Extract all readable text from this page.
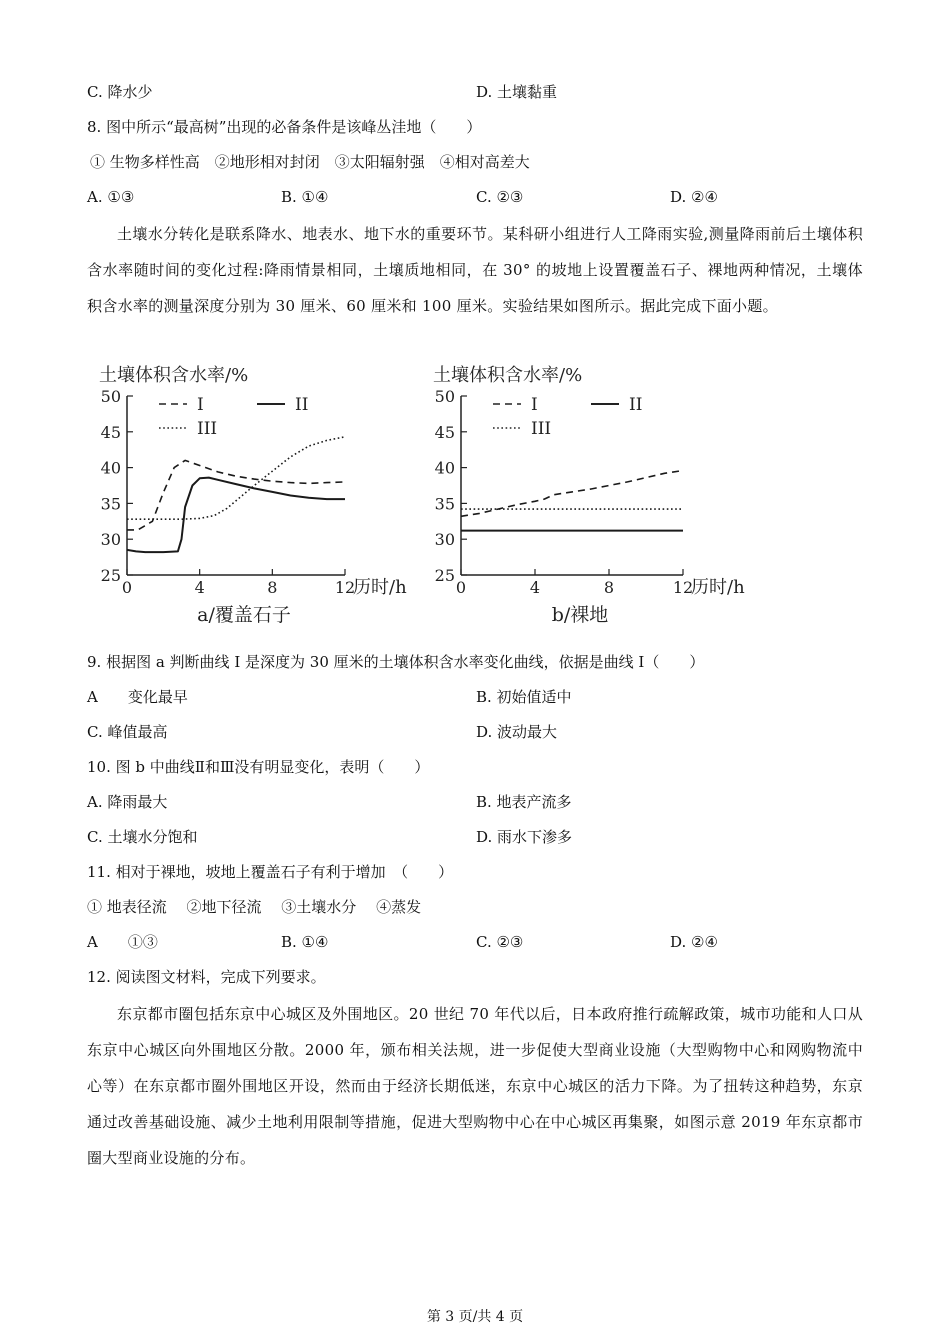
C. 降水少	D. 土壤黏重
8. 图中所示“最高树”出现的必备条件是该峰丛洼地（　　）
① 生物多样性高　②地形相对封闭　③太阳辐射强　④相对高差大
A. ①③	B. ①④	C. ②③	D. ②④
土壤水分转化是联系降水、地表水、地下水的重要环节。某科研小组进行人工降雨实验,测量降雨前后土壤体积含水率随时间的变化过程:降雨情景相同，土壤质地相同，在 30° 的坡地上设置覆盖石子、裸地两种情况，土壤体积含水率的测量深度分别为 30 厘米、60 厘米和 100 厘米。实验结果如图所示。据此完成下面小题。
25
30
35
40
45
50
0	4	8	12
土壤体积含水率/%
历时/h
a/覆盖石子
I	II
III
25
30
35
40
45
50
0	4	8	12
土壤体积含水率/%
历时/h
b/裸地
I	II
III
9. 根据图 a 判断曲线 I 是深度为 30 厘米的土壤体积含水率变化曲线，依据是曲线 I（　　）
A　　变化最早	B. 初始值适中
C. 峰值最高	D. 波动最大
10. 图 b 中曲线Ⅱ和Ⅲ没有明显变化，表明（　　）
A. 降雨最大	B. 地表产流多
C. 土壤水分饱和	D. 雨水下渗多
11. 相对于裸地，坡地上覆盖石子有利于增加　（　　）
① 地表径流　 ②地下径流　 ③土壤水分　 ④蒸发
A　　①③	B. ①④	C. ②③	D. ②④
12. 阅读图文材料，完成下列要求。
东京都市圈包括东京中心城区及外围地区。20 世纪 70 年代以后，日本政府推行疏解政策，城市功能和人口从东京中心城区向外围地区分散。2000 年，颁布相关法规，进一步促使大型商业设施（大型购物中心和网购物流中心等）在东京都市圈外围地区开设，然而由于经济长期低迷，东京中心城区的活力下降。为了扭转这种趋势，东京通过改善基础设施、减少土地利用限制等措施，促进大型购物中心在中心城区再集聚，如图示意 2019 年东京都市圈大型商业设施的分布。
第 3 页/共 4 页
